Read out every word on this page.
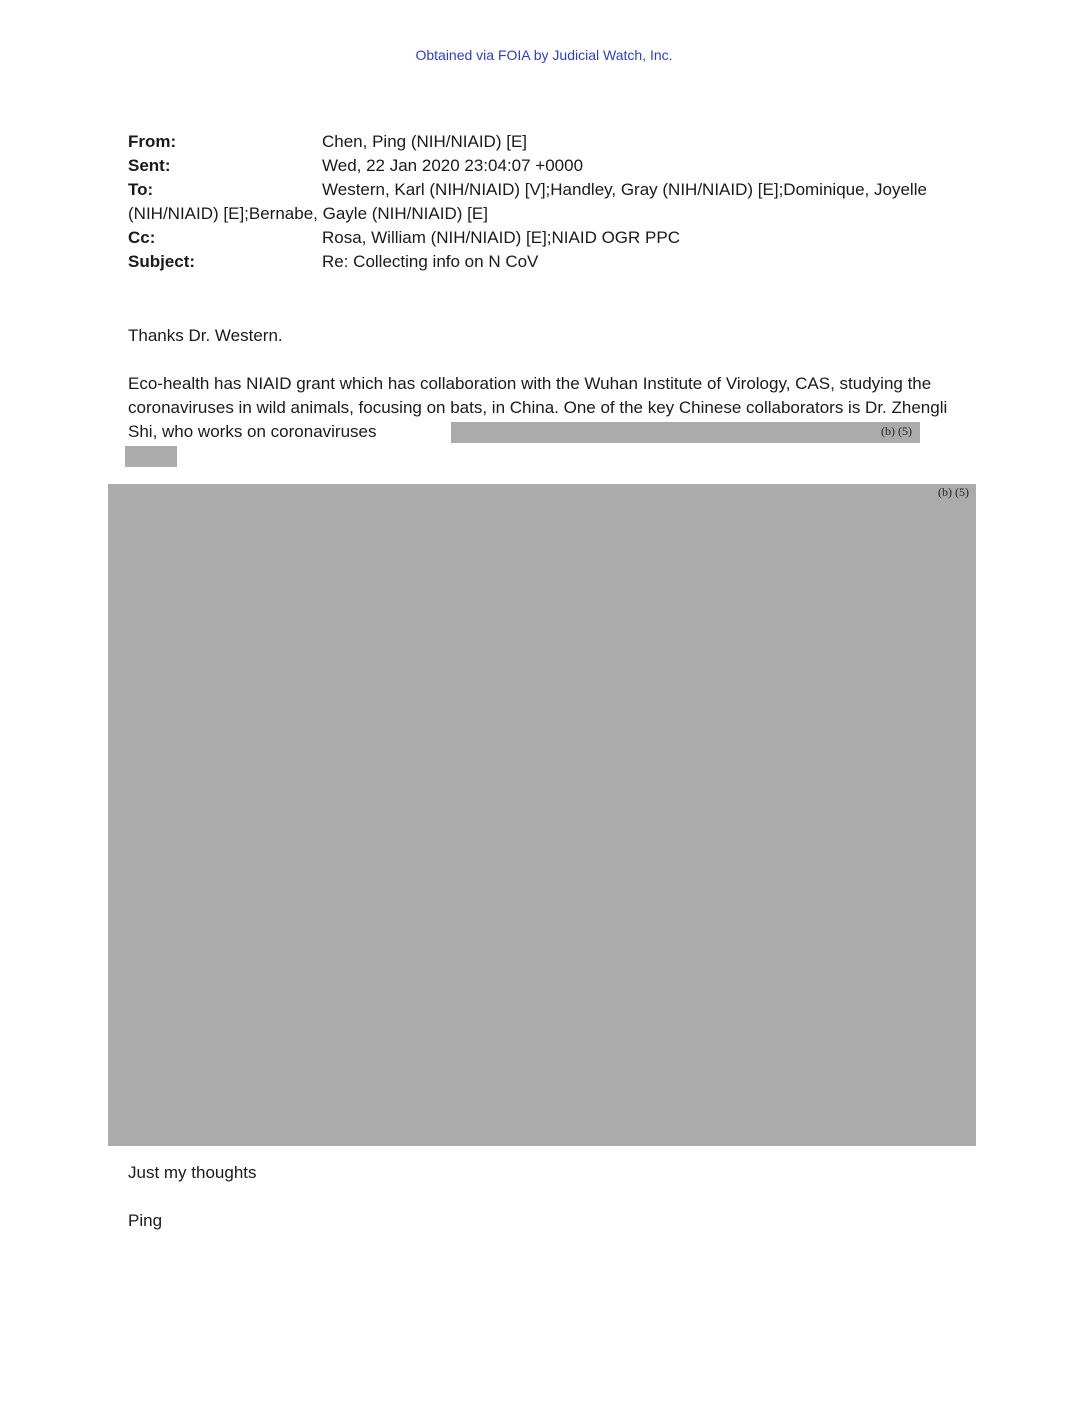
Obtained via FOIA by Judicial Watch, Inc.
From:	Chen, Ping (NIH/NIAID) [E]
Sent:	Wed, 22 Jan 2020 23:04:07 +0000
To:	Western, Karl (NIH/NIAID) [V];Handley, Gray (NIH/NIAID) [E];Dominique, Joyelle (NIH/NIAID) [E];Bernabe, Gayle (NIH/NIAID) [E]
Cc:	Rosa, William (NIH/NIAID) [E];NIAID OGR PPC
Subject:	Re: Collecting info on N CoV
Thanks Dr. Western.
Eco-health has NIAID grant which has collaboration with the Wuhan Institute of Virology, CAS, studying the coronaviruses in wild animals, focusing on bats, in China. One of the key Chinese collaborators is Dr. Zhengli Shi, who works on coronaviruses	(b) (5)
(b) (5)
Just my thoughts
Ping
